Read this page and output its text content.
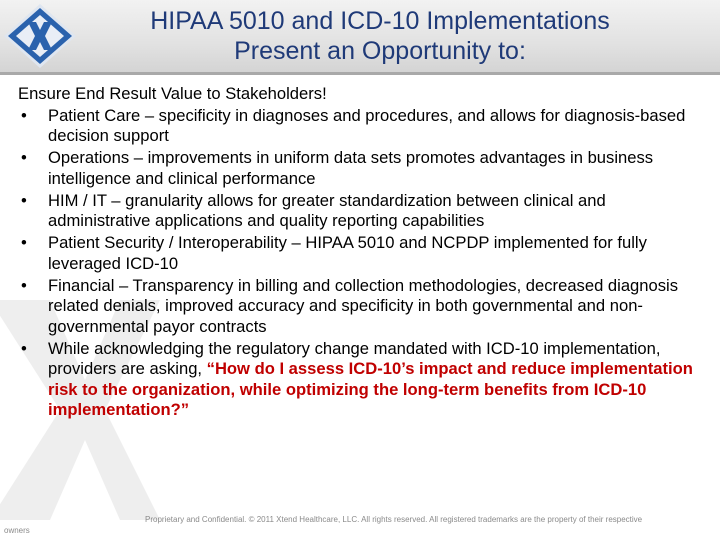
HIPAA 5010 and ICD-10 Implementations
Present an Opportunity to:
Ensure End Result Value to Stakeholders!
• Patient Care – specificity in diagnoses and procedures, and allows for diagnosis-based decision support
• Operations – improvements in uniform data sets promotes advantages in business intelligence and clinical performance
• HIM / IT – granularity allows for greater standardization between clinical and administrative applications and quality reporting capabilities
• Patient Security / Interoperability – HIPAA 5010 and NCPDP implemented for fully leveraged ICD-10
• Financial – Transparency in billing and collection methodologies, decreased diagnosis related denials, improved accuracy and specificity in both governmental and non-governmental payor contracts
• While acknowledging the regulatory change mandated with ICD-10 implementation, providers are asking, “How do I assess ICD-10’s impact and reduce implementation risk to the organization, while optimizing the long-term benefits from ICD-10 implementation?”
Proprietary and Confidential. © 2011 Xtend Healthcare, LLC. All rights reserved. All registered trademarks are the property of their respective
owners
